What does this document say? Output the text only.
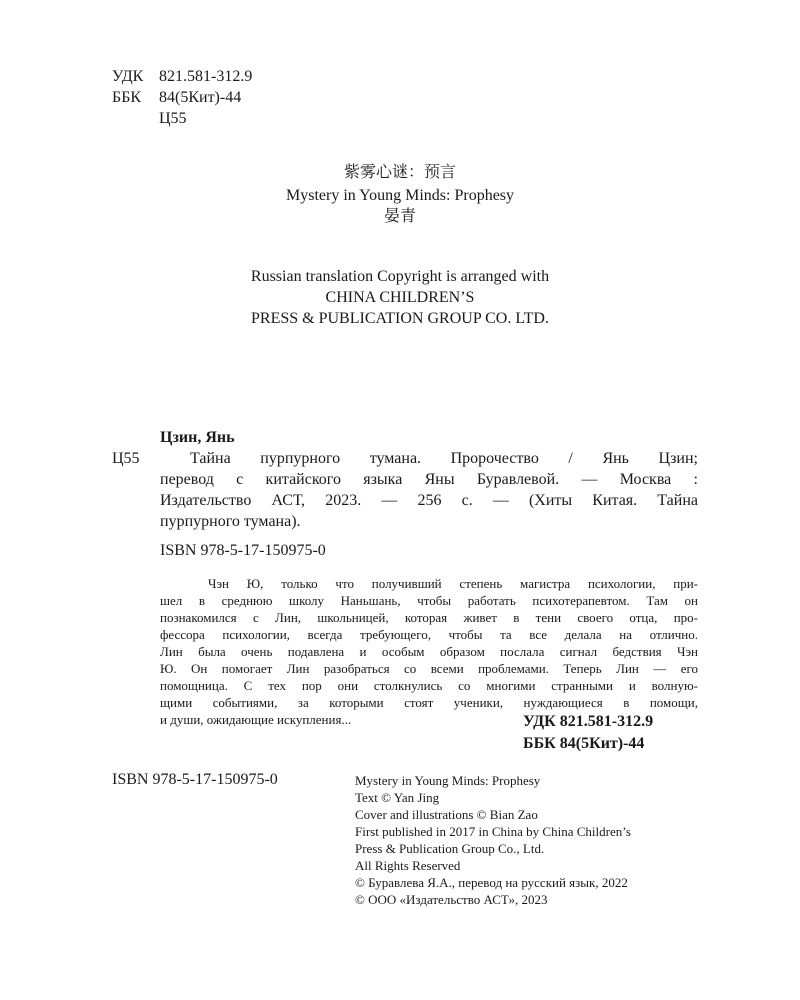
УДК 821.581-312.9
ББК 84(5Кит)-44
Ц55

紫雾心谜：预言

Mystery in Young Minds: Prophesy

晏青

Russian translation Copyright is arranged with

CHINA CHILDREN’S

PRESS & PUBLICATION GROUP CO. LTD.

Цзин, Янь

Ц55	Тайна пурпурного тумана. Пророчество / Янь Цзин;

перевод с китайского языка Яны Буравлевой. — Москва :

Издательство АСТ, 2023. — 256 с. — (Хиты Китая. Тайна

пурпурного тумана).

ISBN 978-5-17-150975-0

Чэн Ю, только что получивший степень магистра психологии, при-

шел в среднюю школу Наньшань, чтобы работать психотерапевтом. Там он

познакомился с Лин, школьницей, которая живет в тени своего отца, про-

фессора психологии, всегда требующего, чтобы та все делала на отлично.

Лин была очень подавлена и особым образом послала сигнал бедствия Чэн

Ю. Он помогает Лин разобраться со всеми проблемами. Теперь Лин — его

помощница. С тех пор они столкнулись со многими странными и волную-

щими событиями, за которыми стоят ученики, нуждающиеся в помощи,

и души, ожидающие искупления...	УДК 821.581-312.9

ББК 84(5Кит)-44

ISBN 978-5-17-150975-0	Mystery in Young Minds: Prophesy

Text © Yan Jing

Cover and illustrations © Bian Zao

First published in 2017 in China by China Children’s

Press & Publication Group Co., Ltd.

All Rights Reserved

© Буравлева Я.А., перевод на русский язык, 2022

© ООО «Издательство АСТ», 2023
